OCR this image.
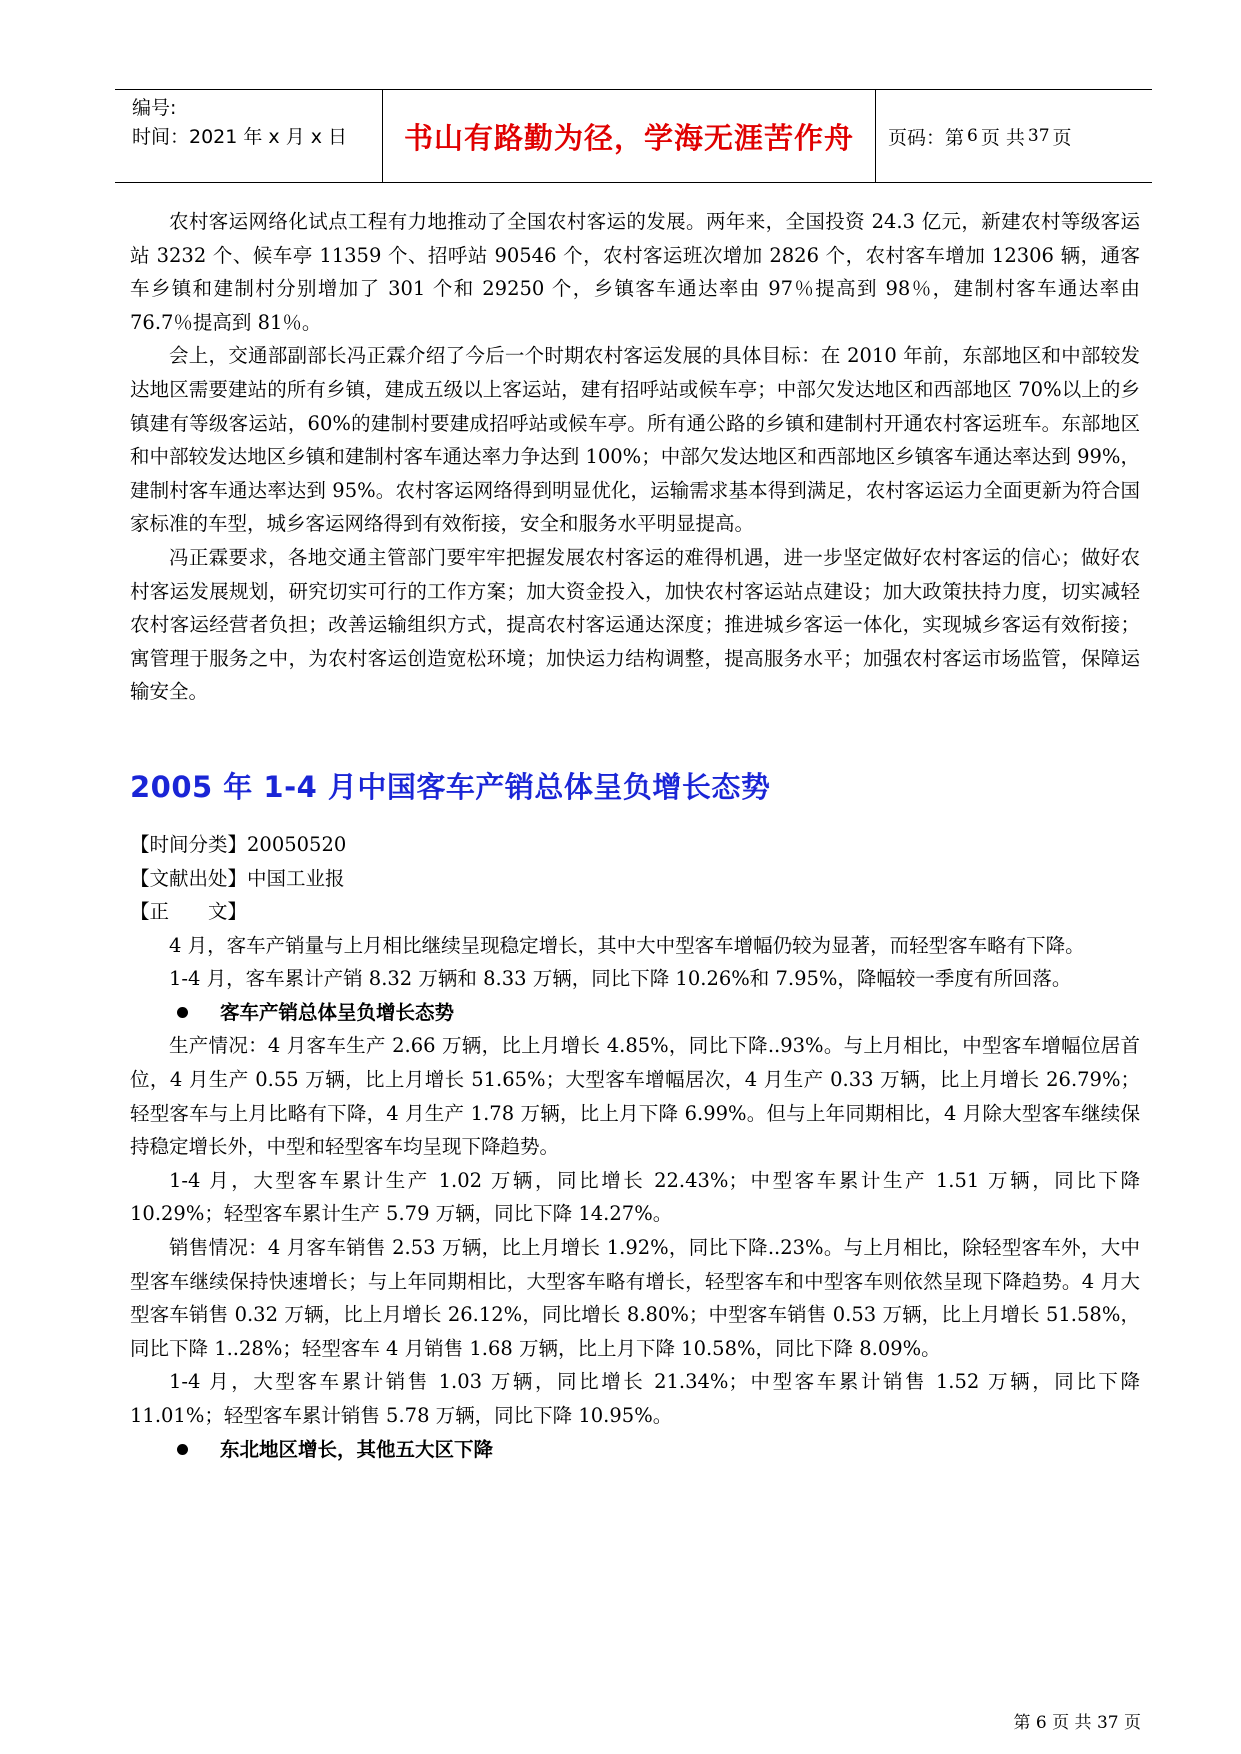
编号:
时间：2021 年 x 月 x 日	书山有路勤为径，学海无涯苦作舟	页码：第 6 页 共 37 页

农村客运网络化试点工程有力地推动了全国农村客运的发展。两年来，全国投资 24.3 亿元，新建农村等级客运站 3232 个、候车亭 11359 个、招呼站 90546 个，农村客运班次增加 2826 个，农村客车增加 12306 辆，通客车乡镇和建制村分别增加了 301 个和 29250 个，乡镇客车通达率由 97％提高到 98％，建制村客车通达率由 76.7％提高到 81％。

会上，交通部副部长冯正霖介绍了今后一个时期农村客运发展的具体目标：在 2010 年前，东部地区和中部较发达地区需要建站的所有乡镇，建成五级以上客运站，建有招呼站或候车亭；中部欠发达地区和西部地区 70%以上的乡镇建有等级客运站，60%的建制村要建成招呼站或候车亭。所有通公路的乡镇和建制村开通农村客运班车。东部地区和中部较发达地区乡镇和建制村客车通达率力争达到 100%；中部欠发达地区和西部地区乡镇客车通达率达到 99%，建制村客车通达率达到 95%。农村客运网络得到明显优化，运输需求基本得到满足，农村客运运力全面更新为符合国家标准的车型，城乡客运网络得到有效衔接，安全和服务水平明显提高。

冯正霖要求，各地交通主管部门要牢牢把握发展农村客运的难得机遇，进一步坚定做好农村客运的信心；做好农村客运发展规划，研究切实可行的工作方案；加大资金投入，加快农村客运站点建设；加大政策扶持力度，切实减轻农村客运经营者负担；改善运输组织方式，提高农村客运通达深度；推进城乡客运一体化，实现城乡客运有效衔接；寓管理于服务之中，为农村客运创造宽松环境；加快运力结构调整，提高服务水平；加强农村客运市场监管，保障运输安全。

2005 年 1-4 月中国客车产销总体呈负增长态势

【时间分类】20050520

【文献出处】中国工业报

【正　　文】

4 月，客车产销量与上月相比继续呈现稳定增长，其中大中型客车增幅仍较为显著，而轻型客车略有下降。

1-4 月，客车累计产销 8.32 万辆和 8.33 万辆，同比下降 10.26%和 7.95%，降幅较一季度有所回落。

客车产销总体呈负增长态势

生产情况：4 月客车生产 2.66 万辆，比上月增长 4.85%，同比下降..93%。与上月相比，中型客车增幅位居首位，4 月生产 0.55 万辆，比上月增长 51.65%；大型客车增幅居次，4 月生产 0.33 万辆，比上月增长 26.79%；轻型客车与上月比略有下降，4 月生产 1.78 万辆，比上月下降 6.99%。但与上年同期相比，4 月除大型客车继续保持稳定增长外，中型和轻型客车均呈现下降趋势。

1-4 月，大型客车累计生产 1.02 万辆，同比增长 22.43%；中型客车累计生产 1.51 万辆，同比下降 10.29%；轻型客车累计生产 5.79 万辆，同比下降 14.27%。

销售情况：4 月客车销售 2.53 万辆，比上月增长 1.92%，同比下降..23%。与上月相比，除轻型客车外，大中型客车继续保持快速增长；与上年同期相比，大型客车略有增长，轻型客车和中型客车则依然呈现下降趋势。4 月大型客车销售 0.32 万辆，比上月增长 26.12%，同比增长 8.80%；中型客车销售 0.53 万辆，比上月增长 51.58%，同比下降 1..28%；轻型客车 4 月销售 1.68 万辆，比上月下降 10.58%，同比下降 8.09%。

1-4 月，大型客车累计销售 1.03 万辆，同比增长 21.34%；中型客车累计销售 1.52 万辆，同比下降 11.01%；轻型客车累计销售 5.78 万辆，同比下降 10.95%。

东北地区增长，其他五大区下降
第 6 页 共 37 页
